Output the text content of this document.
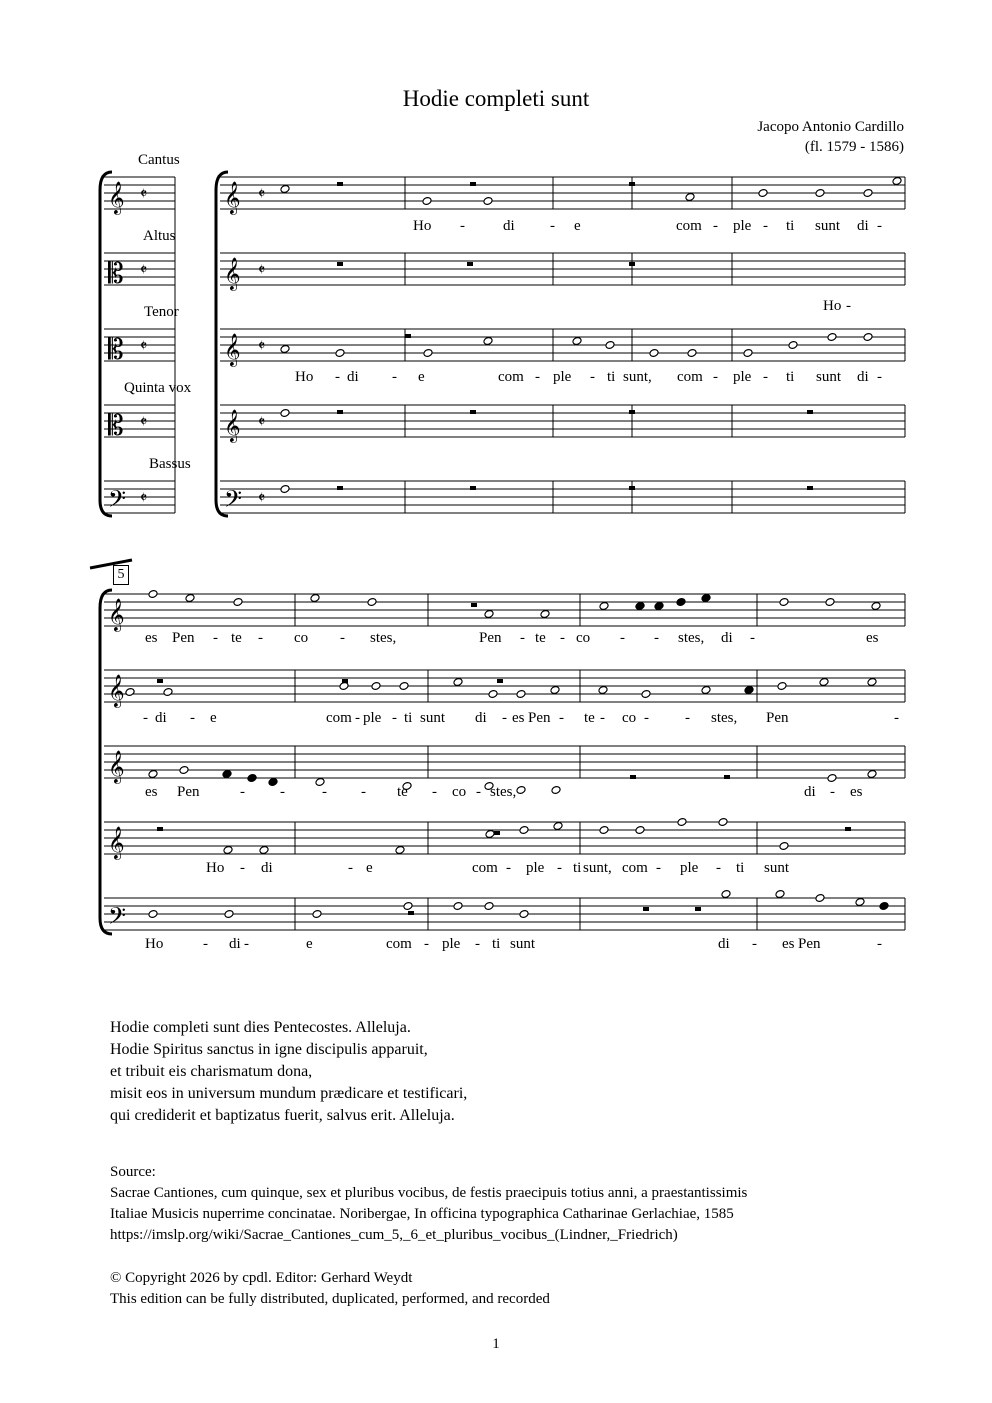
Hodie completi sunt
Jacopo Antonio Cardillo
(fl. 1579 - 1586)
Cantus
Altus
Tenor
Quinta vox
Bassus
𝄞	𝄞
𝄵	𝄵
𝄡	𝄞
𝄵	𝄵
𝄡	𝄞
𝄵	𝄵
𝄡	𝄞
𝄵	𝄵
𝄢	𝄢
𝄵	𝄵
𝄞
𝄞
𝄞
𝄞
𝄢
5
Ho -	di - e	com - ple - ti sunt di -
Ho -
Ho - di - e	com - ple - ti sunt, com - ple - ti sunt di -
es Pen - te - co - stes,	Pen - te - co - - stes, di -	es
- di - e	com - ple - ti sunt di - es Pen - te - co - - stes, Pen	-
es Pen	- - - - te - co - stes,	di - es
Ho - di	- e	com - ple - ti sunt, com - ple - ti sunt
Ho	- di -	e	com - ple - ti sunt	di - es Pen	-
Hodie completi sunt dies Pentecostes. Alleluja.
Hodie Spiritus sanctus in igne discipulis apparuit,
et tribuit eis charismatum dona,
misit eos in universum mundum prædicare et testificari,
qui crediderit et baptizatus fuerit, salvus erit. Alleluja.
Source:
Sacrae Cantiones, cum quinque, sex et pluribus vocibus, de festis praecipuis totius anni, a praestantissimis
Italiae Musicis nuperrime concinatae. Noribergae, In officina typographica Catharinae Gerlachiae, 1585
https://imslp.org/wiki/Sacrae_Cantiones_cum_5,_6_et_pluribus_vocibus_(Lindner,_Friedrich)
© Copyright 2026 by cpdl. Editor: Gerhard Weydt
This edition can be fully distributed, duplicated, performed, and recorded
1
